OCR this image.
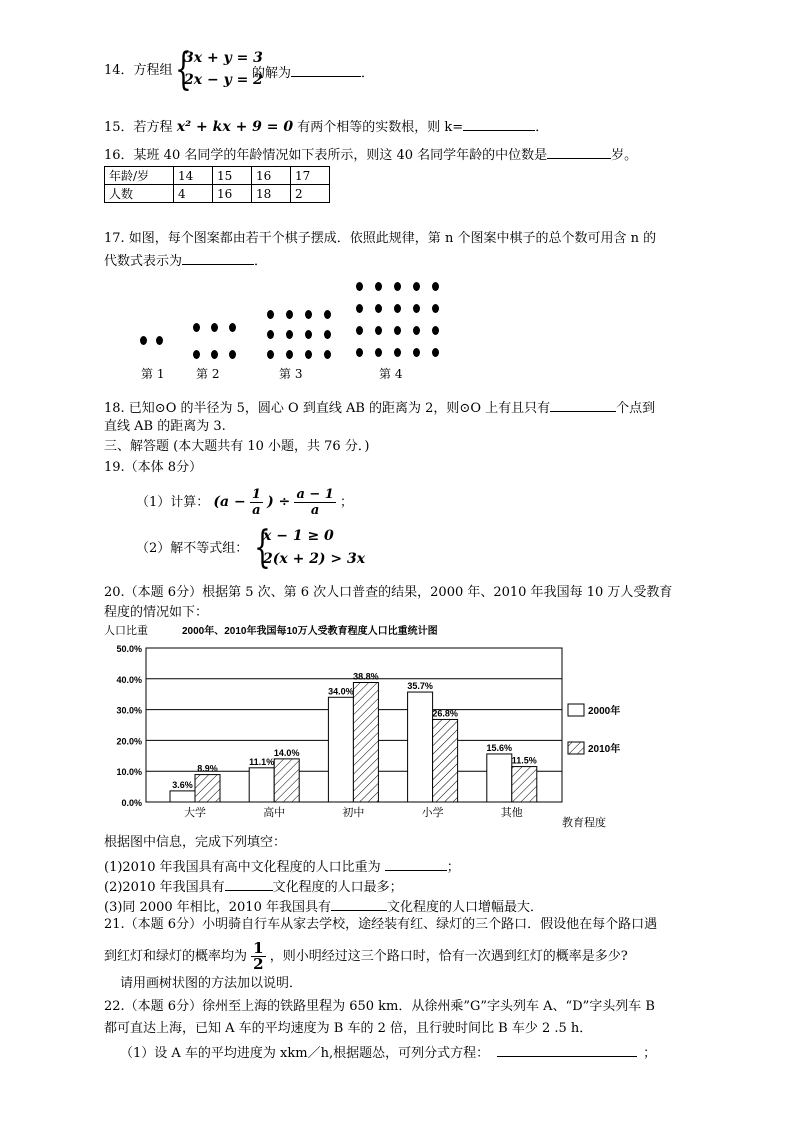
14．方程组 {
3x + y = 3
2x − y = 2
的解为	．
15．若方程 x² + kx + 9 = 0 有两个相等的实数根，则 k=	．
16．某班 40 名同学的年龄情况如下表所示，则这 40 名同学年龄的中位数是	岁。
年龄/岁	14	15	16	17
人数	4	16	18	2
17. 如图，每个图案都由若干个棋子摆成．依照此规律，第 n 个图案中棋子的总个数可用含 n 的
代数式表示为	．
第 1	第 2	第 3	第 4
18. 已知⊙O 的半径为 5，圆心 O 到直线 AB 的距离为 2，则⊙O 上有且只有	个点到
直线 AB 的距离为 3.
三、解答题 (本大题共有 10 小题，共 76 分．)
19.（本体 8分）
（1）计算： ($a - \frac{1}{a}$ ) ÷ $\frac{a - 1}{a}$ ；
（2）解不等式组： {
x − 1 ≥ 0
2(x + 2) > 3x
20.（本题 6分）根据第 5 次、第 6 次人口普查的结果，2000 年、2010 年我国每 10 万人受教育
程度的情况如下：
人口比重	2000年、2010年我国每10万人受教育程度人口比重统计图
0.0%
10.0%
20.0%
30.0%
40.0%
50.0%
3.6%
8.9%
大学
11.1%
14.0%
高中
34.0%
38.8%
初中
35.7%
26.8%
小学
15.6%
11.5%
其他
教育程度
2000年
2010年
根据图中信息，完成下列填空：
(1)2010 年我国具有高中文化程度的人口比重为	；
(2)2010 年我国具有	文化程度的人口最多；
(3)同 2000 年相比，2010 年我国具有	文化程度的人口增幅最大．
21.（本题 6分）小明骑自行车从家去学校，途经装有红、绿灯的三个路口．假设他在每个路口遇
到红灯和绿灯的概率均为 $\frac{1}{2}$ ，则小明经过这三个路口时，恰有一次遇到红灯的概率是多少?
请用画树状图的方法加以说明．
22.（本题 6分）徐州至上海的铁路里程为 650 km．从徐州乘”G”字头列车 A、“D”字头列车 B
都可直达上海，已知 A 车的平均速度为 B 车的 2 倍，且行驶时间比 B 车少 2 .5 h．
（1）设 A 车的平均进度为 xkm／h,根据题怂，可列分式方程：	；
